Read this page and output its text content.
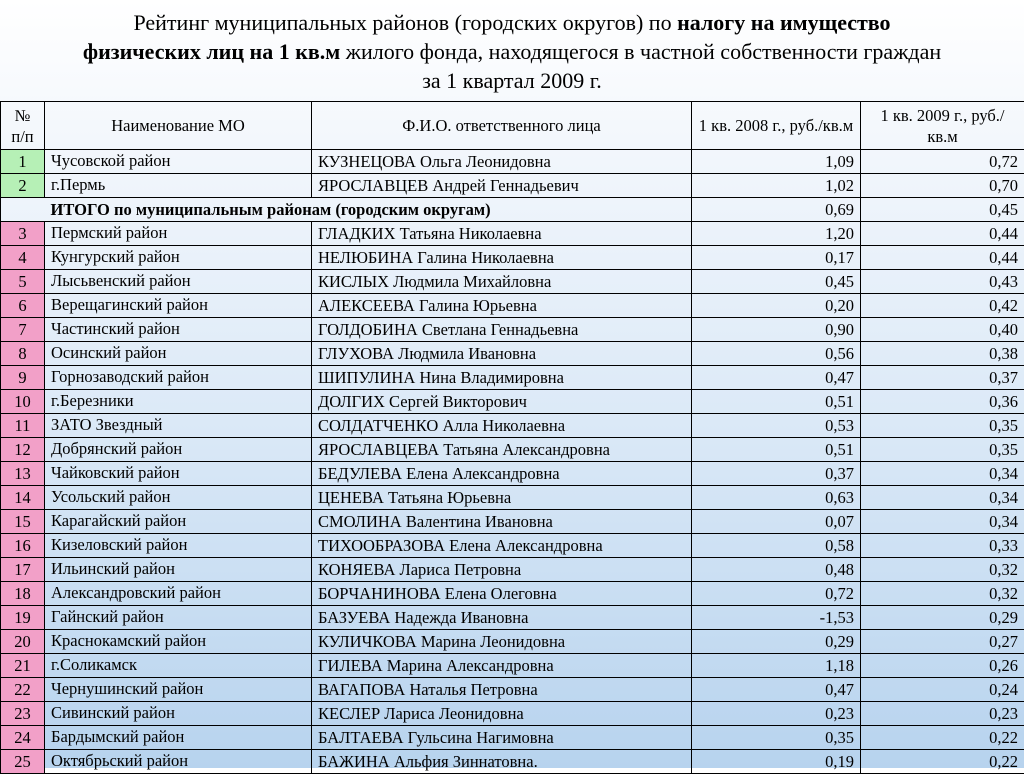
Рейтинг муниципальных районов (городских округов) по налогу на имущество
физических лиц на 1 кв.м жилого фонда, находящегося в частной собственности граждан
за 1 квартал 2009 г.
№ п/п	Наименование МО	Ф.И.О. ответственного лица	1 кв. 2008 г., руб./кв.м	1 кв. 2009 г., руб./кв.м
1	Чусовской район	КУЗНЕЦОВА Ольга Леонидовна	1,09	0,72
2	г.Пермь	ЯРОСЛАВЦЕВ Андрей Геннадьевич	1,02	0,70
	ИТОГО по муниципальным районам (городским округам)		0,69	0,45
3	Пермский район	ГЛАДКИХ Татьяна Николаевна	1,20	0,44
4	Кунгурский район	НЕЛЮБИНА Галина Николаевна	0,17	0,44
5	Лысьвенский район	КИСЛЫХ Людмила Михайловна	0,45	0,43
6	Верещагинский район	АЛЕКСЕЕВА Галина Юрьевна	0,20	0,42
7	Частинский район	ГОЛДОБИНА Светлана Геннадьевна	0,90	0,40
8	Осинский район	ГЛУХОВА Людмила Ивановна	0,56	0,38
9	Горнозаводский район	ШИПУЛИНА Нина Владимировна	0,47	0,37
10	г.Березники	ДОЛГИХ Сергей Викторович	0,51	0,36
11	ЗАТО Звездный	СОЛДАТЧЕНКО Алла Николаевна	0,53	0,35
12	Добрянский район	ЯРОСЛАВЦЕВА Татьяна Александровна	0,51	0,35
13	Чайковский район	БЕДУЛЕВА Елена Александровна	0,37	0,34
14	Усольский район	ЦЕНЕВА Татьяна Юрьевна	0,63	0,34
15	Карагайский район	СМОЛИНА Валентина Ивановна	0,07	0,34
16	Кизеловский район	ТИХООБРАЗОВА Елена Александровна	0,58	0,33
17	Ильинский район	КОНЯЕВА Лариса Петровна	0,48	0,32
18	Александровский район	БОРЧАНИНОВА Елена Олеговна	0,72	0,32
19	Гайнский район	БАЗУЕВА Надежда Ивановна	-1,53	0,29
20	Краснокамский район	КУЛИЧКОВА Марина Леонидовна	0,29	0,27
21	г.Соликамск	ГИЛЕВА Марина Александровна	1,18	0,26
22	Чернушинский район	ВАГАПОВА Наталья Петровна	0,47	0,24
23	Сивинский район	КЕСЛЕР Лариса Леонидовна	0,23	0,23
24	Бардымский район	БАЛТАЕВА Гульсина Нагимовна	0,35	0,22
25	Октябрьский район	БАЖИНА Альфия Зиннатовна.	0,19	0,22
